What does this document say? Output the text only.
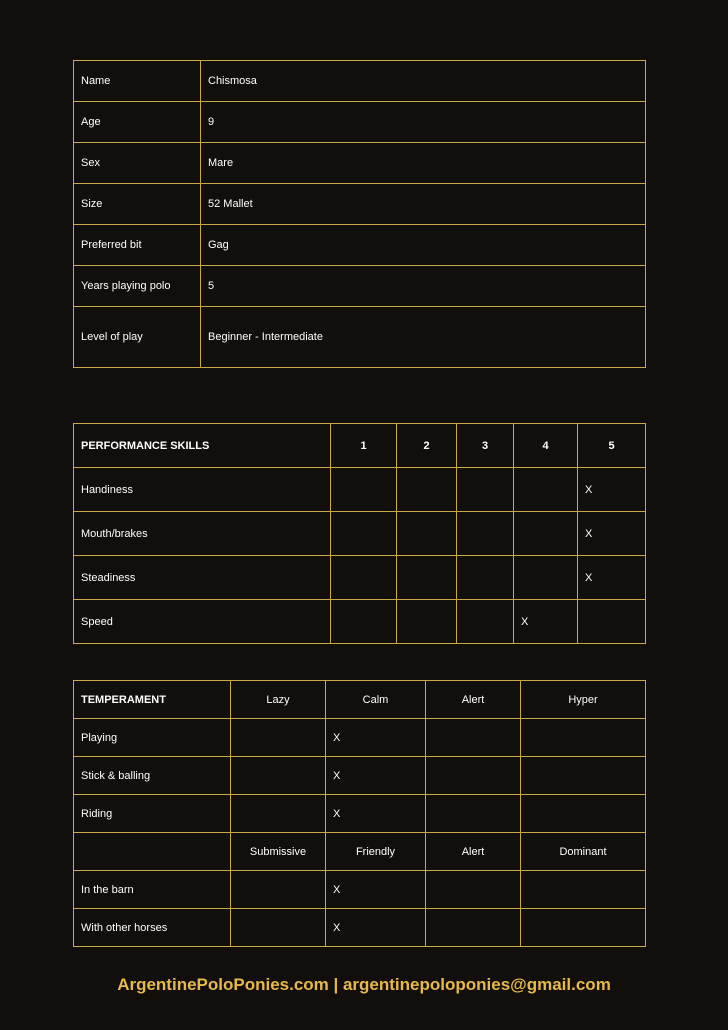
Name	Chismosa
Age	9
Sex	Mare
Size	52 Mallet
Preferred bit	Gag
Years playing polo	5
Level of play	Beginner - Intermediate
PERFORMANCE SKILLS	1	2	3	4	5
Handiness					X
Mouth/brakes					X
Steadiness					X
Speed				X	
TEMPERAMENT	Lazy	Calm	Alert	Hyper
Playing		X		
Stick & balling		X		
Riding		X		
	Submissive	Friendly	Alert	Dominant
In the barn		X		
With other horses		X		
ArgentinePoloPonies.com | argentinepoloponies@gmail.com
